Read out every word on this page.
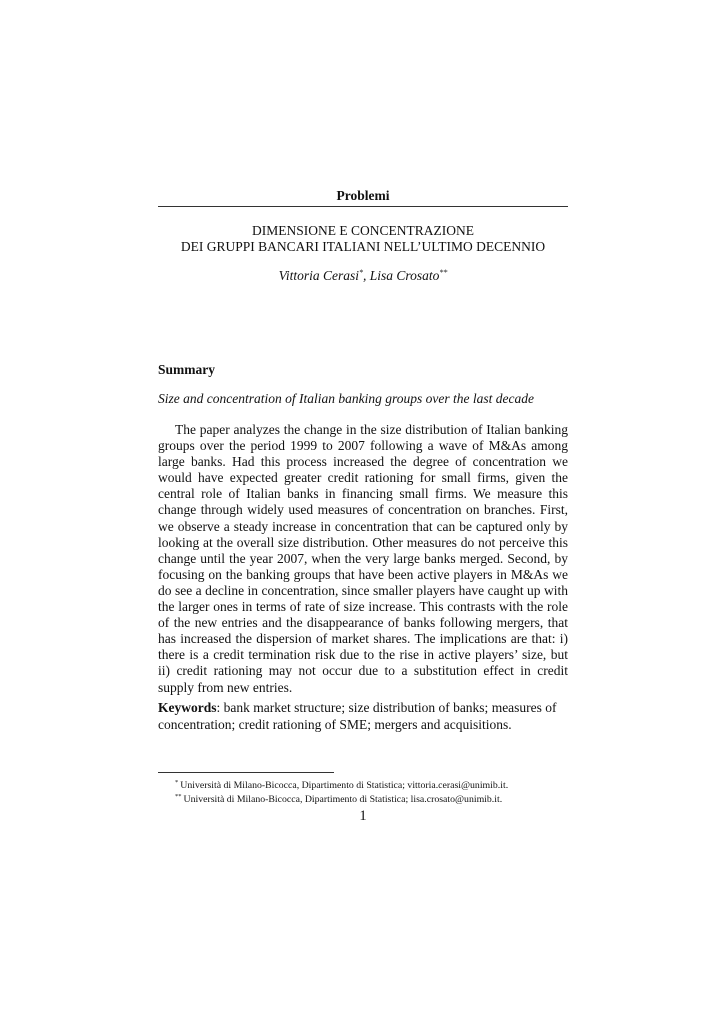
Problemi
DIMENSIONE E CONCENTRAZIONE
DEI GRUPPI BANCARI ITALIANI NELL’ULTIMO DECENNIO
Vittoria Cerasi*, Lisa Crosato**
Summary
Size and concentration of Italian banking groups over the last decade

The paper analyzes the change in the size distribution of Italian banking groups over the period 1999 to 2007 following a wave of M&As among large banks. Had this process increased the degree of concentration we would have expected greater credit rationing for small firms, given the central role of Italian banks in financing small firms. We measure this change through widely used measures of concentration on branches. First, we observe a steady increase in concentration that can be captured only by looking at the overall size distribution. Other measures do not perceive this change until the year 2007, when the very large banks merged. Second, by focusing on the banking groups that have been active players in M&As we do see a decline in concentration, since smaller players have caught up with the larger ones in terms of rate of size increase. This contrasts with the role of the new entries and the disappearance of banks following mergers, that has increased the dispersion of market shares. The implications are that: i) there is a credit termination risk due to the rise in active players’ size, but ii) credit rationing may not occur due to a substitution effect in credit supply from new entries.

Keywords: bank market structure; size distribution of banks; measures of concentration; credit rationing of SME; mergers and acquisitions.

* Università di Milano-Bicocca, Dipartimento di Statistica; vittoria.cerasi@unimib.it.
** Università di Milano-Bicocca, Dipartimento di Statistica; lisa.crosato@unimib.it.
1
